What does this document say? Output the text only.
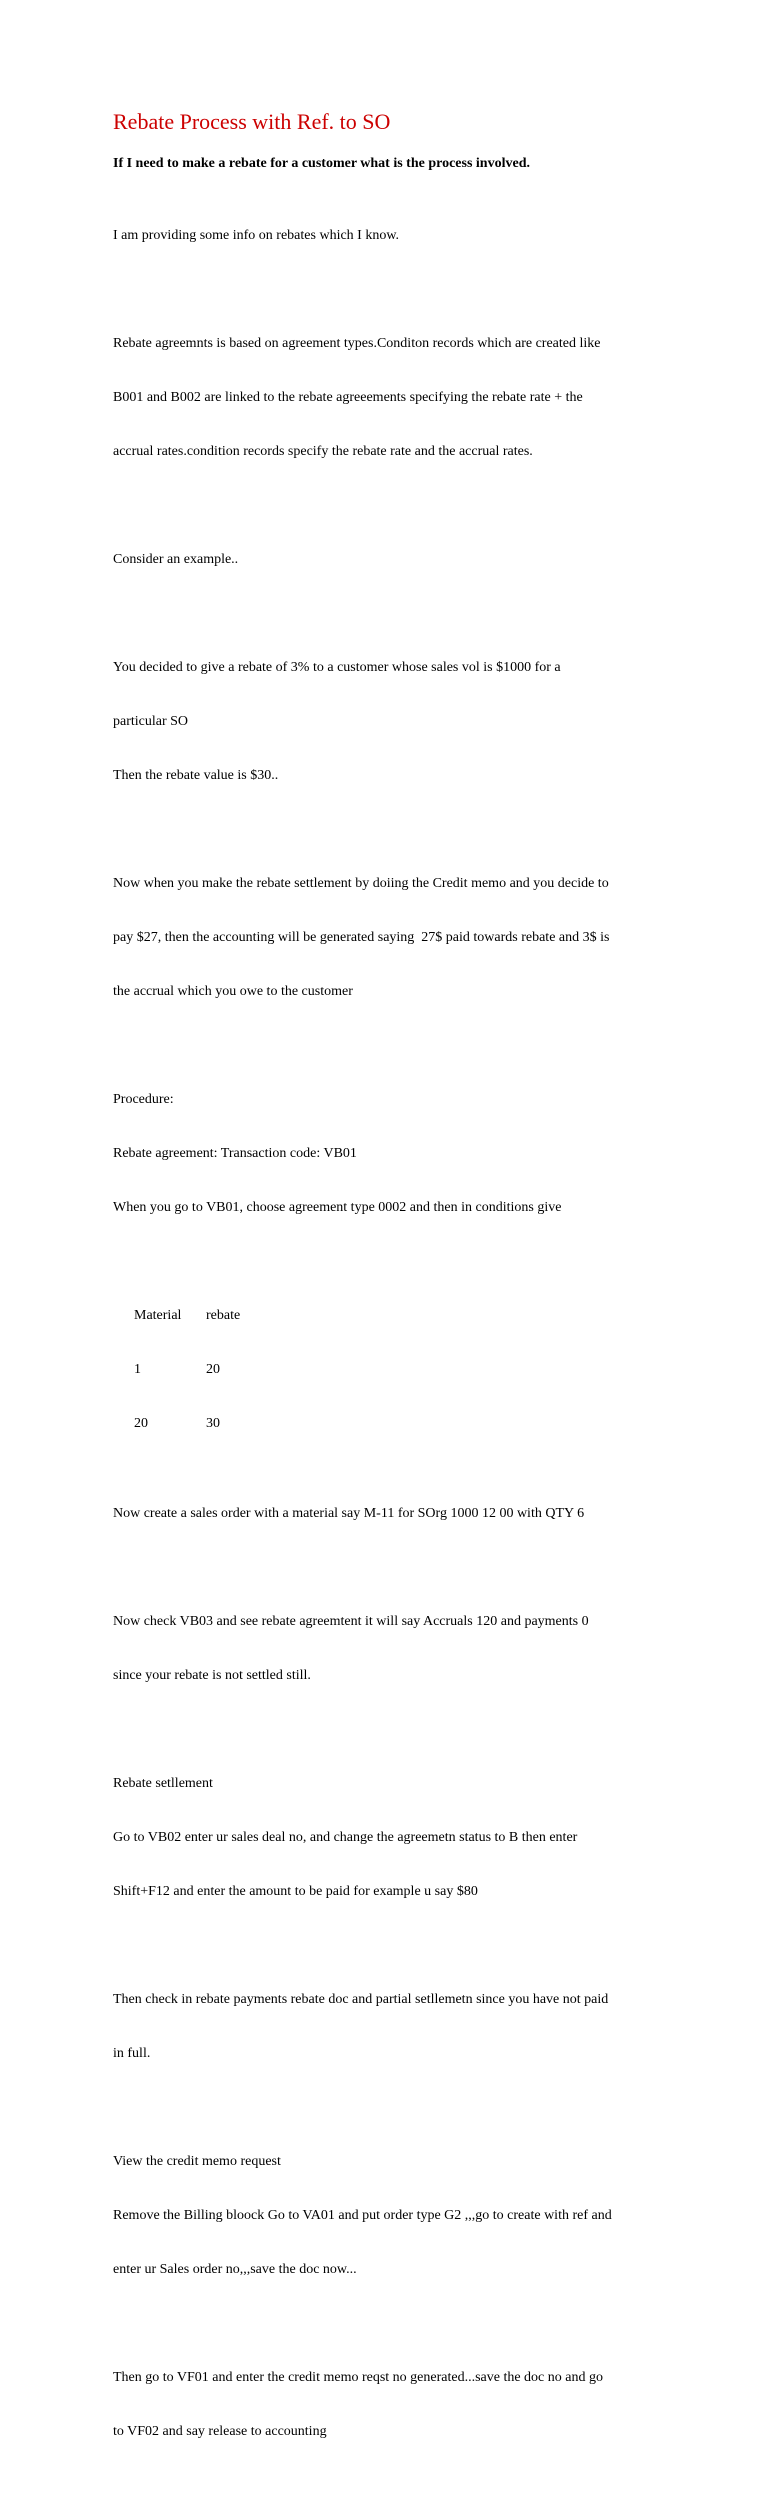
Rebate Process with Ref. to SO
If I need to make a rebate for a customer what is the process involved.

I am providing some info on rebates which I know.

Rebate agreemnts is based on agreement types.Conditon records which are created like

B001 and B002 are linked to the rebate agreeements specifying the rebate rate + the

accrual rates.condition records specify the rebate rate and the accrual rates.

Consider an example..

You decided to give a rebate of 3% to a customer whose sales vol is $1000 for a

particular SO

Then the rebate value is $30..

Now when you make the rebate settlement by doiing the Credit memo and you decide to

pay $27, then the accounting will be generated saying  27$ paid towards rebate and 3$ is

the accrual which you owe to the customer

Procedure:

Rebate agreement: Transaction code: VB01

When you go to VB01, choose agreement type 0002 and then in conditions give

Material rebate

1	20

20	30

Now create a sales order with a material say M-11 for SOrg 1000 12 00 with QTY 6

Now check VB03 and see rebate agreemtent it will say Accruals 120 and payments 0

since your rebate is not settled still.

Rebate setllement

Go to VB02 enter ur sales deal no, and change the agreemetn status to B then enter

Shift+F12 and enter the amount to be paid for example u say $80

Then check in rebate payments rebate doc and partial setllemetn since you have not paid

in full.

View the credit memo request

Remove the Billing bloock Go to VA01 and put order type G2 ,,,go to create with ref and

enter ur Sales order no,,,save the doc now...

Then go to VF01 and enter the credit memo reqst no generated...save the doc no and go

to VF02 and say release to accounting
